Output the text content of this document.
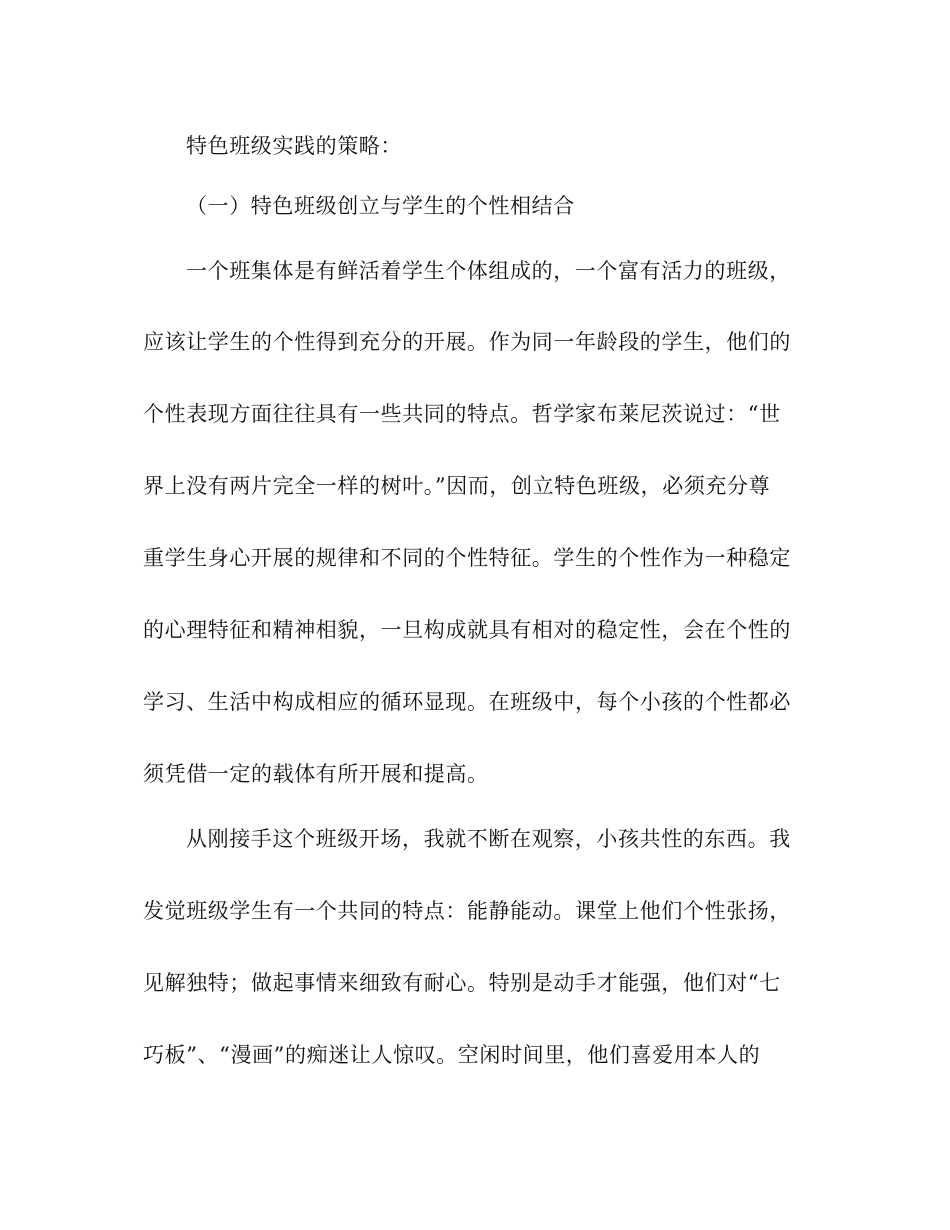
特色班级实践的策略：
（一）特色班级创立与学生的个性相结合
一个班集体是有鲜活着学生个体组成的，一个富有活力的班级，
应该让学生的个性得到充分的开展。作为同一年龄段的学生，他们的
个性表现方面往往具有一些共同的特点。哲学家布莱尼茨说过：“世
界上没有两片完全一样的树叶。”因而，创立特色班级，必须充分尊
重学生身心开展的规律和不同的个性特征。学生的个性作为一种稳定
的心理特征和精神相貌，一旦构成就具有相对的稳定性，会在个性的
学习、生活中构成相应的循环显现。在班级中，每个小孩的个性都必
须凭借一定的载体有所开展和提高。
从刚接手这个班级开场，我就不断在观察，小孩共性的东西。我
发觉班级学生有一个共同的特点：能静能动。课堂上他们个性张扬，
见解独特；做起事情来细致有耐心。特别是动手才能强，他们对“七
巧板”、“漫画”的痴迷让人惊叹。空闲时间里，他们喜爱用本人的
